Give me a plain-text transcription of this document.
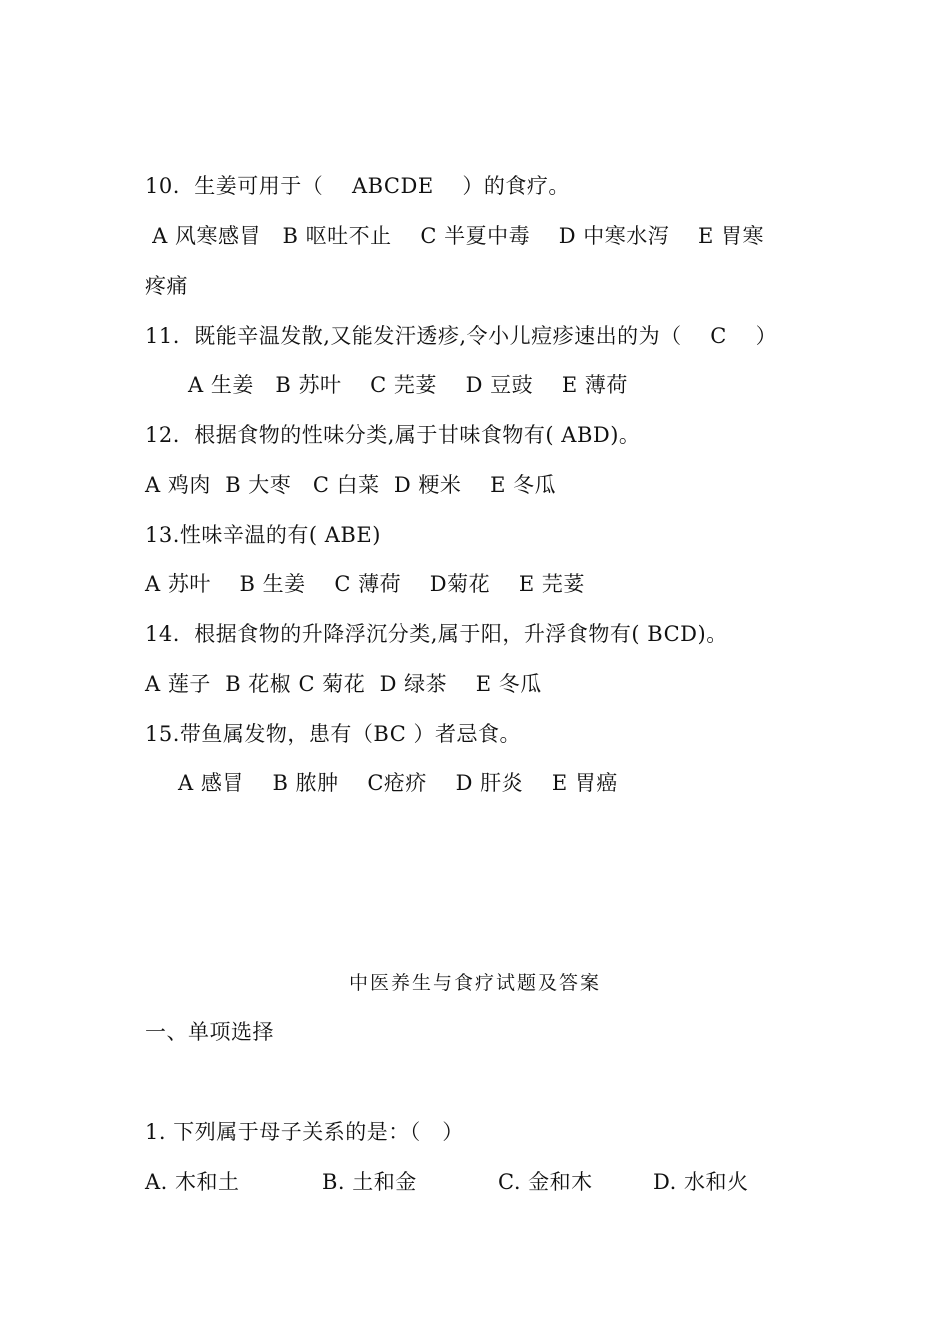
10.  生姜可用于（    ABCDE    ）的食疗。
A 风寒感冒   B 呕吐不止    C 半夏中毒    D 中寒水泻    E 胃寒
疼痛
11.  既能辛温发散,又能发汗透疹,令小儿痘疹速出的为（    C    ）
A 生姜   B 苏叶    C 芫荽    D 豆豉    E 薄荷
12.  根据食物的性味分类,属于甘味食物有( ABD)。
A 鸡肉  B 大枣   C 白菜  D 粳米    E 冬瓜
13.性味辛温的有( ABE)
A 苏叶    B 生姜    C 薄荷    D菊花    E 芫荽
14.  根据食物的升降浮沉分类,属于阳，升浮食物有( BCD)。
A 莲子  B 花椒 C 菊花  D 绿茶    E 冬瓜
15.带鱼属发物，患有（BC ）者忌食。
A 感冒    B 脓肿    C疮疥    D 肝炎    E 胃癌
中医养生与食疗试题及答案
一、单项选择
1. 下列属于母子关系的是：（   ）
A. 木和土	B. 土和金	C. 金和木	D. 水和火
